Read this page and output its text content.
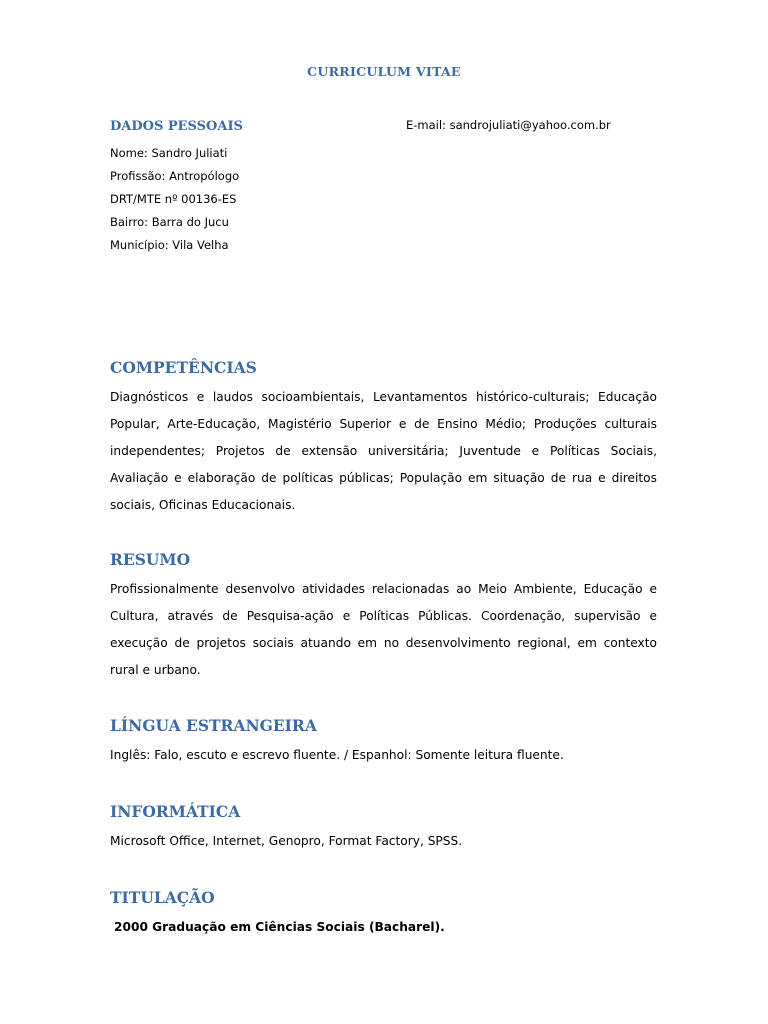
CURRICULUM VITAE
DADOS PESSOAIS	E-mail: sandrojuliati@yahoo.com.br
Nome: Sandro Juliati
Profissão: Antropólogo
DRT/MTE nº 00136-ES
Bairro: Barra do Jucu
Município: Vila Velha
COMPETÊNCIAS
Diagnósticos e laudos socioambientais, Levantamentos histórico-culturais; Educação Popular, Arte-Educação, Magistério Superior e de Ensino Médio; Produções culturais independentes; Projetos de extensão universitária; Juventude e Políticas Sociais, Avaliação e elaboração de políticas públicas; População em situação de rua e direitos sociais, Oficinas Educacionais.
RESUMO
Profissionalmente desenvolvo atividades relacionadas ao Meio Ambiente, Educação e Cultura, através de Pesquisa-ação e Políticas Públicas. Coordenação, supervisão e execução de projetos sociais atuando em no desenvolvimento regional, em contexto rural e urbano.
LÍNGUA ESTRANGEIRA
Inglês: Falo, escuto e escrevo fluente. / Espanhol: Somente leitura fluente.
INFORMÁTICA
Microsoft Office, Internet, Genopro, Format Factory, SPSS.
TITULAÇÃO
2000 Graduação em Ciências Sociais (Bacharel).
